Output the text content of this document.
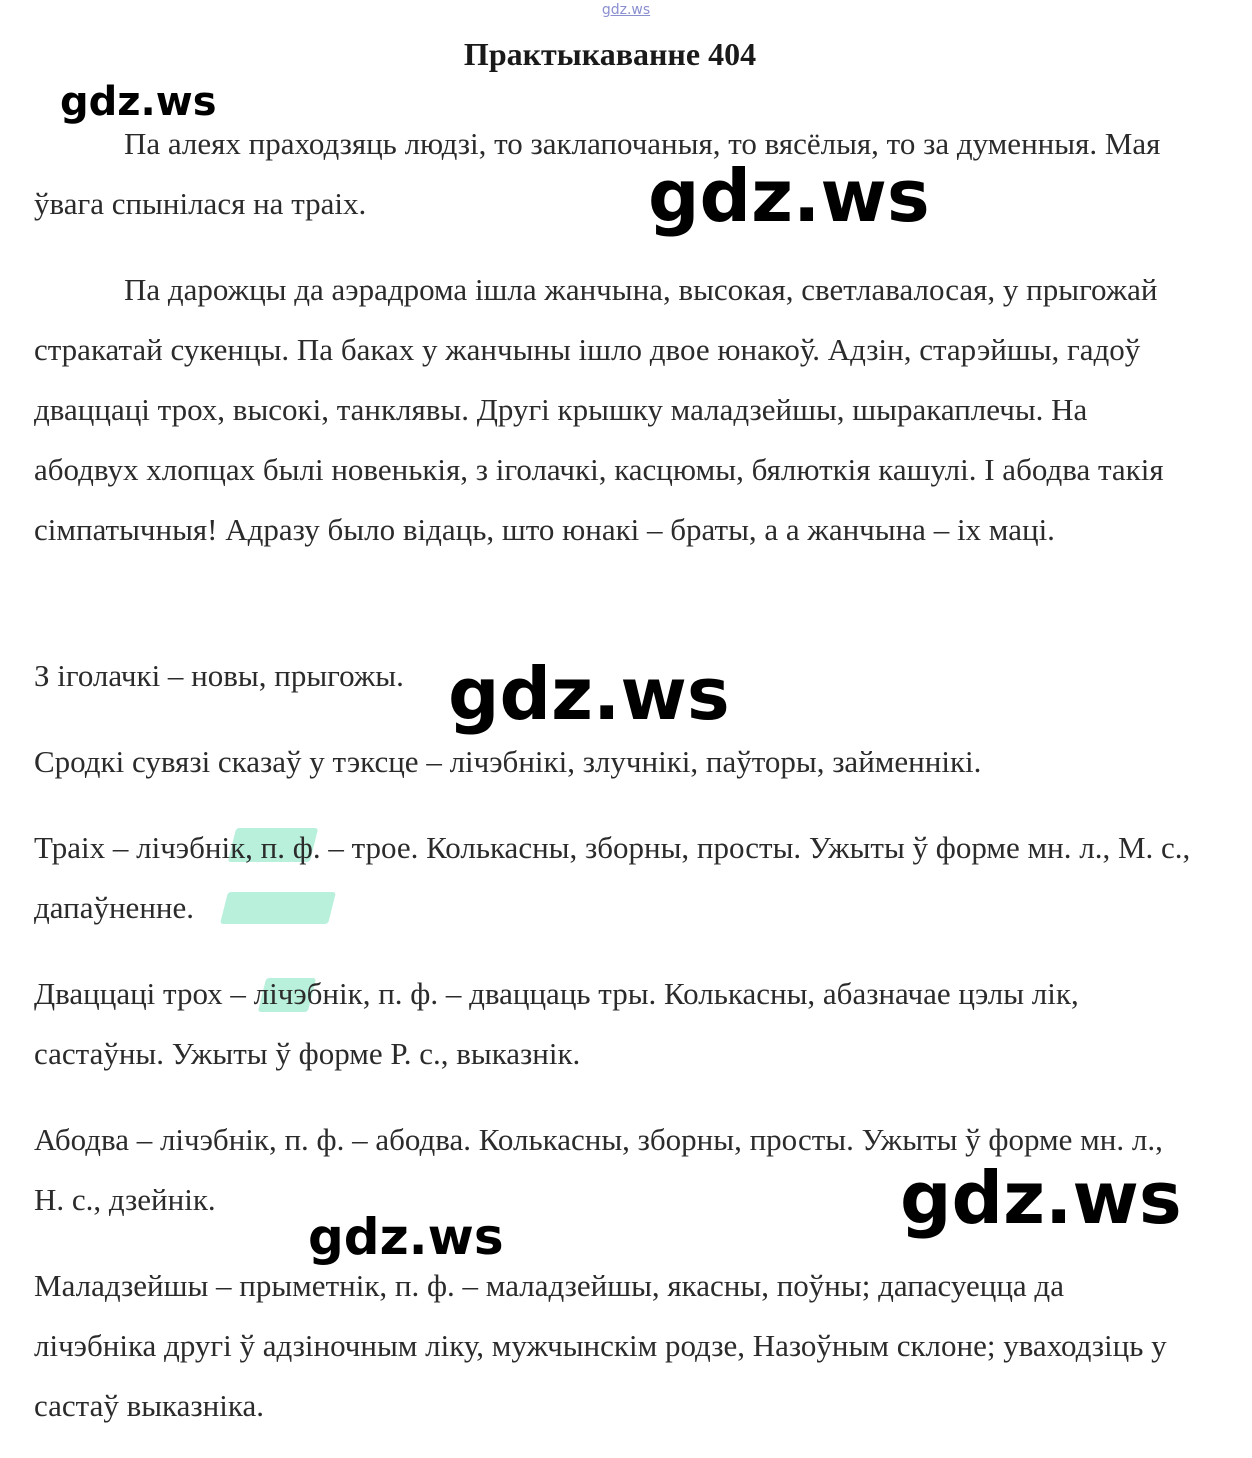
gdz.ws
Практыкаванне 404

Па алеях праходзяць людзі, то заклапочаныя, то вясёлыя, то за думенныя. Мая ўвага спынілася на траіх.

Па дарожцы да аэрадрома ішла жанчына, высокая, светлавалосая, у прыгожай стракатай сукенцы. Па баках у жанчыны ішло двое юнакоў. Адзін, старэйшы, гадоў дваццаці трох, высокі, танклявы. Другі крышку маладзейшы, шыракаплечы. На абодвух хлопцах былі новенькія, з іголачкі, касцюмы, бялюткія кашулі. І абодва такія сімпатычныя! Адразу было відаць, што юнакі – браты, а а жанчына – іх маці.

З іголачкі – новы, прыгожы.

Сродкі сувязі сказаў у тэксце – лічэбнікі, злучнікі, паўторы, займеннікі.

Траіх – лічэбнік, п. ф. – трое. Колькасны, зборны, просты. Ужыты ў форме мн. л., М. с., дапаўненне.

Дваццаці трох – лічэбнік, п. ф. – дваццаць тры. Колькасны, абазначае цэлы лік, састаўны. Ужыты ў форме Р. с., выказнік.

Абодва – лічэбнік, п. ф. – абодва. Колькасны, зборны, просты. Ужыты ў форме мн. л., Н. с., дзейнік.

Маладзейшы – прыметнік, п. ф. – маладзейшы, якасны, поўны; дапасуецца да лічэбніка другі ў адзіночным ліку, мужчынскім родзе, Назоўным склоне; уваходзіць у састаў выказніка.

gdz.ws
gdz.ws
gdz.ws
gdz.ws
gdz.ws
